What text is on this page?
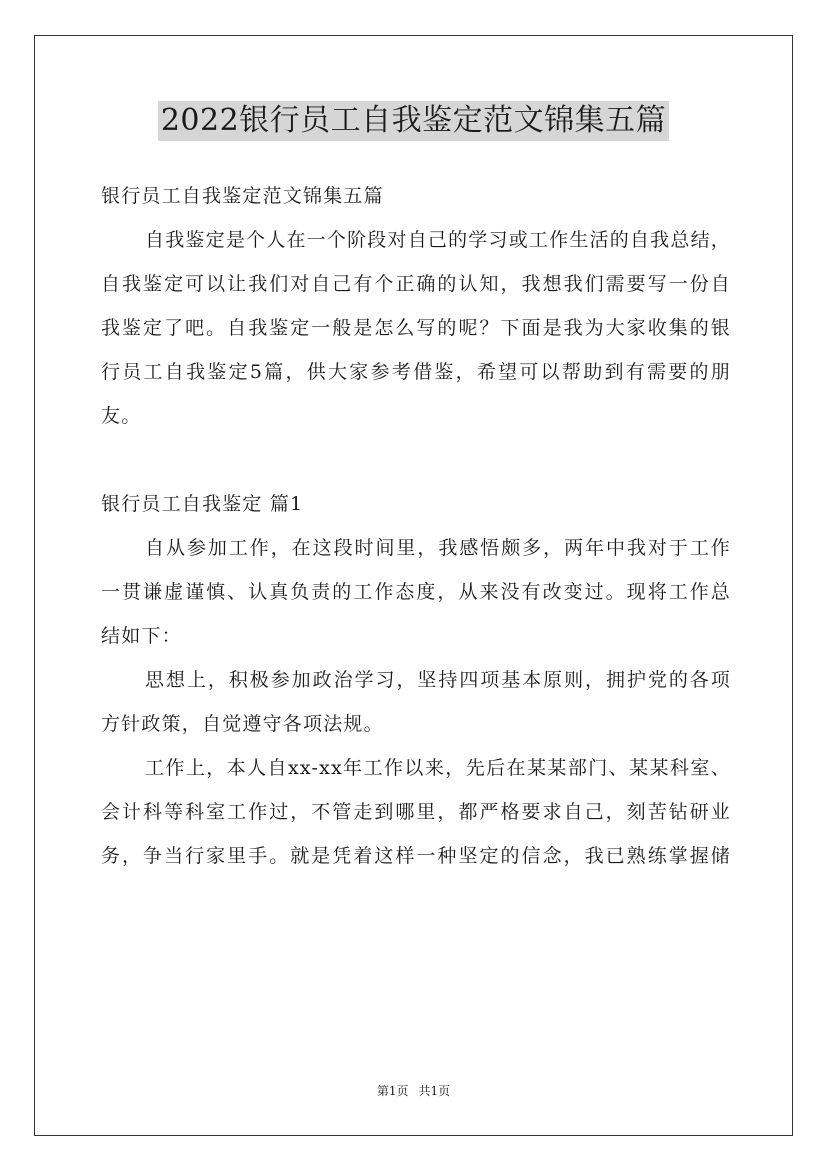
2022银行员工自我鉴定范文锦集五篇
银行员工自我鉴定范文锦集五篇
自我鉴定是个人在一个阶段对自己的学习或工作生活的自我总结，
自我鉴定可以让我们对自己有个正确的认知，我想我们需要写一份自
我鉴定了吧。自我鉴定一般是怎么写的呢？下面是我为大家收集的银
行员工自我鉴定5篇，供大家参考借鉴，希望可以帮助到有需要的朋
友。
银行员工自我鉴定 篇1
自从参加工作，在这段时间里，我感悟颇多，两年中我对于工作
一贯谦虚谨慎、认真负责的工作态度，从来没有改变过。现将工作总
结如下：
思想上，积极参加政治学习，坚持四项基本原则，拥护党的各项
方针政策，自觉遵守各项法规。
工作上，本人自xx-xx年工作以来，先后在某某部门、某某科室、
会计科等科室工作过，不管走到哪里，都严格要求自己，刻苦钻研业
务，争当行家里手。就是凭着这样一种坚定的信念，我已熟练掌握储
第1页 共1页
